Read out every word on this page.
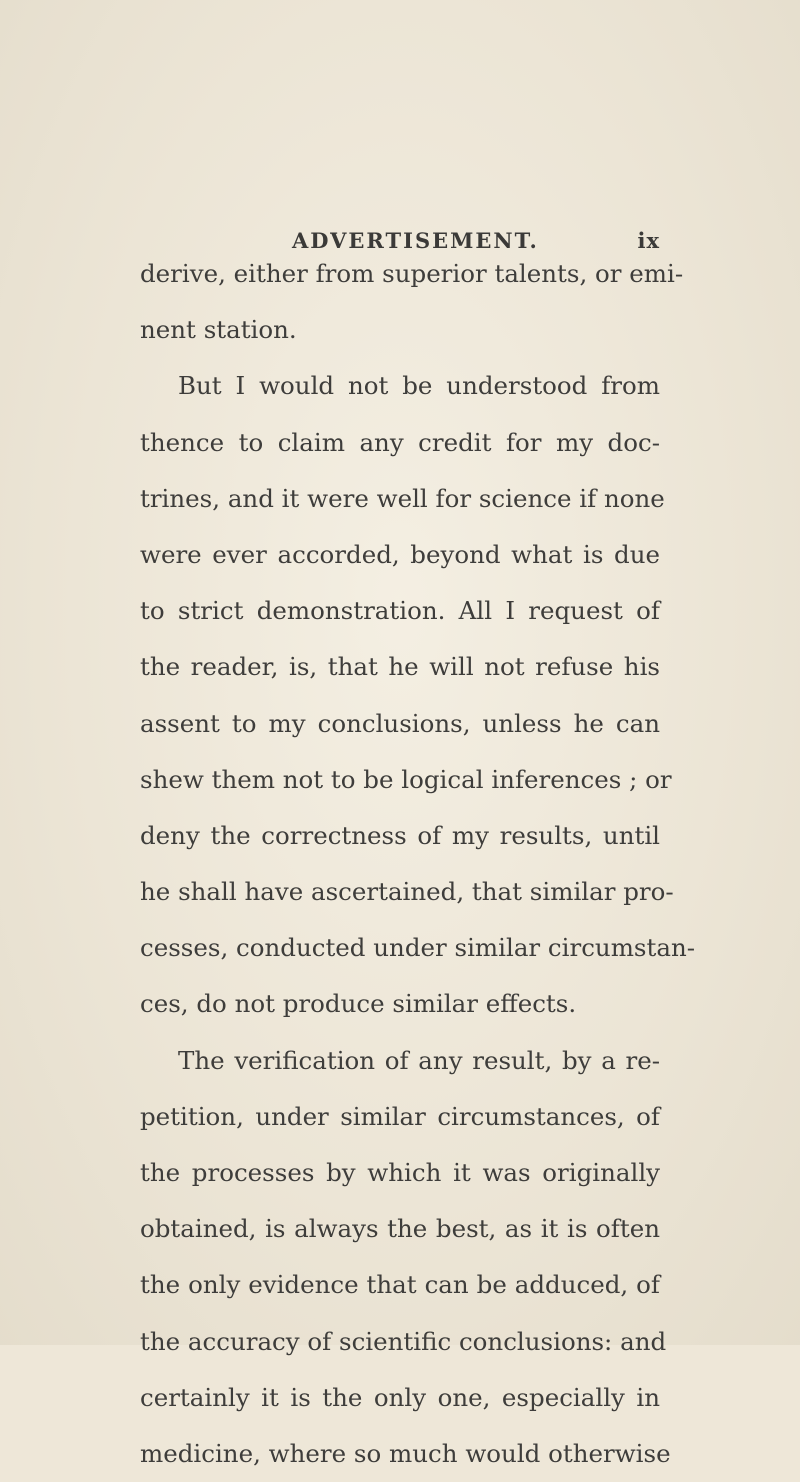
ADVERTISEMENT.	ix
derive, either from superior talents, or emi-
nent station.
But I would not be understood from
thence to claim any credit for my doc-
trines, and it were well for science if none
were ever accorded, beyond what is due
to strict demonstration. All I request of
the reader, is, that he will not refuse his
assent to my conclusions, unless he can
shew them not to be logical inferences ; or
deny the correctness of my results, until
he shall have ascertained, that similar pro-
cesses, conducted under similar circumstan-
ces, do not produce similar effects.
The verification of any result, by a re-
petition, under similar circumstances, of
the processes by which it was originally
obtained, is always the best, as it is often
the only evidence that can be adduced, of
the accuracy of scientific conclusions: and
certainly it is the only one, especially in
medicine, where so much would otherwise
